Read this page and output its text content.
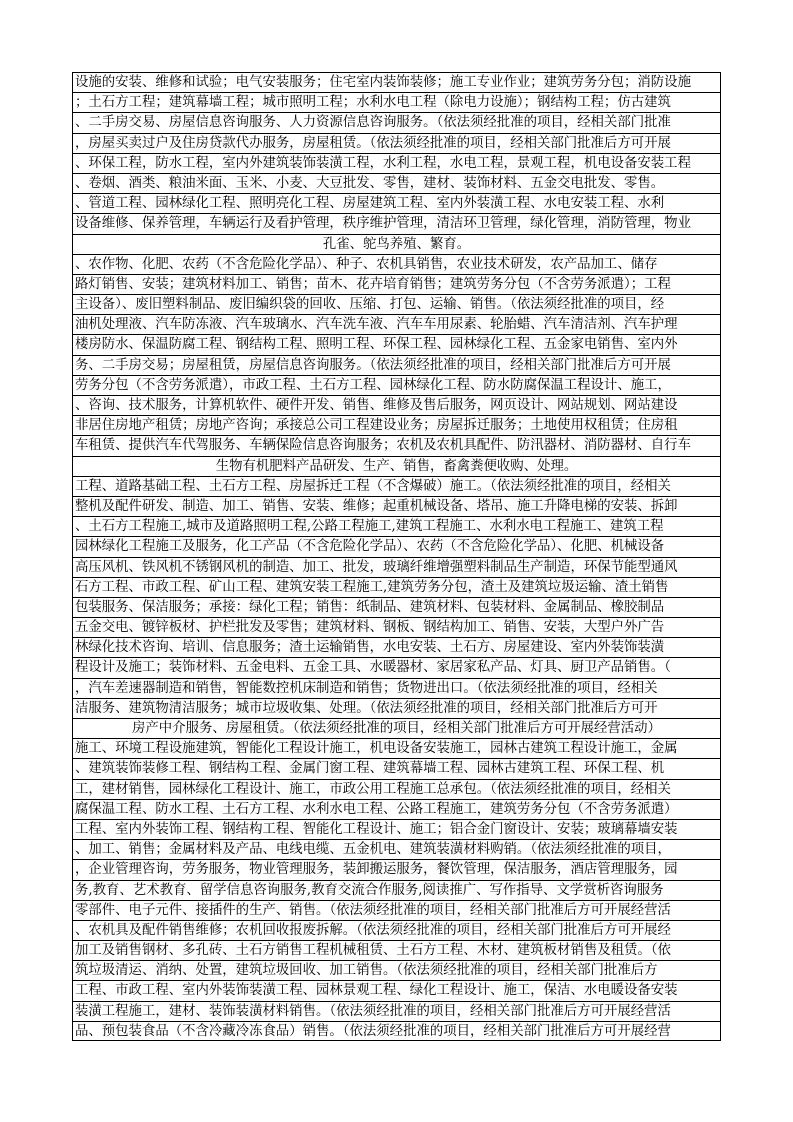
设施的安装、维修和试验；电气安装服务；住宅室内装饰装修；施工专业作业；建筑劳务分包；消防设施
；土石方工程；建筑幕墙工程；城市照明工程；水利水电工程（除电力设施）；钢结构工程；仿古建筑
、二手房交易、房屋信息咨询服务、人力资源信息咨询服务。（依法须经批准的项目，经相关部门批准
，房屋买卖过户及住房贷款代办服务，房屋租赁。（依法须经批准的项目，经相关部门批准后方可开展
、环保工程，防水工程，室内外建筑装饰装潢工程，水利工程，水电工程，景观工程，机电设备安装工程
、卷烟、酒类、粮油米面、玉米、小麦、大豆批发、零售，建材、装饰材料、五金交电批发、零售。
、管道工程、园林绿化工程、照明亮化工程、房屋建筑工程、室内外装潢工程、水电安装工程、水利
设备维修、保养管理，车辆运行及看护管理，秩序维护管理，清洁环卫管理，绿化管理，消防管理，物业
孔雀、鸵鸟养殖、繁育。
、农作物、化肥、农药（不含危险化学品）、种子、农机具销售，农业技术研发，农产品加工、储存
路灯销售、安装；建筑材料加工、销售；苗木、花卉培育销售；建筑劳务分包（不含劳务派遣）；工程
主设备）、废旧塑料制品、废旧编织袋的回收、压缩、打包、运输、销售。（依法须经批准的项目，经
油机处理液、汽车防冻液、汽车玻璃水、汽车洗车液、汽车车用尿素、轮胎蜡、汽车清洁剂、汽车护理
楼房防水、保温防腐工程、钢结构工程、照明工程、环保工程、园林绿化工程、五金家电销售、室内外
务、二手房交易；房屋租赁，房屋信息咨询服务。（依法须经批准的项目，经相关部门批准后方可开展
劳务分包（不含劳务派遣），市政工程、土石方工程、园林绿化工程、防水防腐保温工程设计、施工，
、咨询、技术服务，计算机软件、硬件开发、销售、维修及售后服务，网页设计、网站规划、网站建设
非居住房地产租赁；房地产咨询；承接总公司工程建设业务；房屋拆迁服务；土地使用权租赁；住房租
车租赁、提供汽车代驾服务、车辆保险信息咨询服务；农机及农机具配件、防汛器材、消防器材、自行车
生物有机肥料产品研发、生产、销售，畜禽粪便收购、处理。
工程、道路基础工程、土石方工程、房屋拆迁工程（不含爆破）施工。（依法须经批准的项目，经相关
整机及配件研发、制造、加工、销售、安装、维修；起重机械设备、塔吊、施工升降电梯的安装、拆卸
、土石方工程施工,城市及道路照明工程,公路工程施工,建筑工程施工、水利水电工程施工、建筑工程
园林绿化工程施工及服务，化工产品（不含危险化学品）、农药（不含危险化学品）、化肥、机械设备
高压风机、铁风机不锈钢风机的制造、加工、批发，玻璃纤维增强塑料制品生产制造，环保节能型通风
石方工程、市政工程、矿山工程、建筑安装工程施工,建筑劳务分包，渣土及建筑垃圾运输、渣土销售
包装服务、保洁服务；承接：绿化工程；销售：纸制品、建筑材料、包装材料、金属制品、橡胶制品
五金交电、镀锌板材、护栏批发及零售；建筑材料、钢板、钢结构加工、销售、安装，大型户外广告
林绿化技术咨询、培训、信息服务；渣土运输销售，水电安装、土石方、房屋建设、室内外装饰装潢
程设计及施工；装饰材料、五金电料、五金工具、水暖器材、家居家私产品、灯具、厨卫产品销售。（
，汽车差速器制造和销售，智能数控机床制造和销售；货物进出口。（依法须经批准的项目，经相关
洁服务、建筑物清洁服务；城市垃圾收集、处理。（依法须经批准的项目，经相关部门批准后方可开
房产中介服务、房屋租赁。（依法须经批准的项目，经相关部门批准后方可开展经营活动）
施工、环境工程设施建筑，智能化工程设计施工，机电设备安装施工，园林古建筑工程设计施工，金属
、建筑装饰装修工程、钢结构工程、金属门窗工程、建筑幕墙工程、园林古建筑工程、环保工程、机
工，建材销售，园林绿化工程设计、施工，市政公用工程施工总承包。（依法须经批准的项目，经相关
腐保温工程、防水工程、土石方工程、水利水电工程、公路工程施工，建筑劳务分包（不含劳务派遣）
工程、室内外装饰工程、钢结构工程、智能化工程设计、施工；铝合金门窗设计、安装；玻璃幕墙安装
、加工、销售；金属材料及产品、电线电缆、五金机电、建筑装潢材料购销。（依法须经批准的项目，
，企业管理咨询，劳务服务，物业管理服务，装卸搬运服务，餐饮管理，保洁服务，酒店管理服务，园
务,教育、艺术教育、留学信息咨询服务,教育交流合作服务,阅读推广、写作指导、文学赏析咨询服务
零部件、电子元件、接插件的生产、销售。（依法须经批准的项目，经相关部门批准后方可开展经营活
、农机具及配件销售维修；农机回收报废拆解。（依法须经批准的项目，经相关部门批准后方可开展经
加工及销售钢材、多孔砖、土石方销售工程机械租赁、土石方工程、木材、建筑板材销售及租赁。（依
筑垃圾清运、消纳、处置，建筑垃圾回收、加工销售。（依法须经批准的项目，经相关部门批准后方
工程、市政工程、室内外装饰装潢工程、园林景观工程、绿化工程设计、施工，保洁、水电暖设备安装
装潢工程施工，建材、装饰装潢材料销售。（依法须经批准的项目，经相关部门批准后方可开展经营活
品、预包装食品（不含冷藏冷冻食品）销售。（依法须经批准的项目，经相关部门批准后方可开展经营
